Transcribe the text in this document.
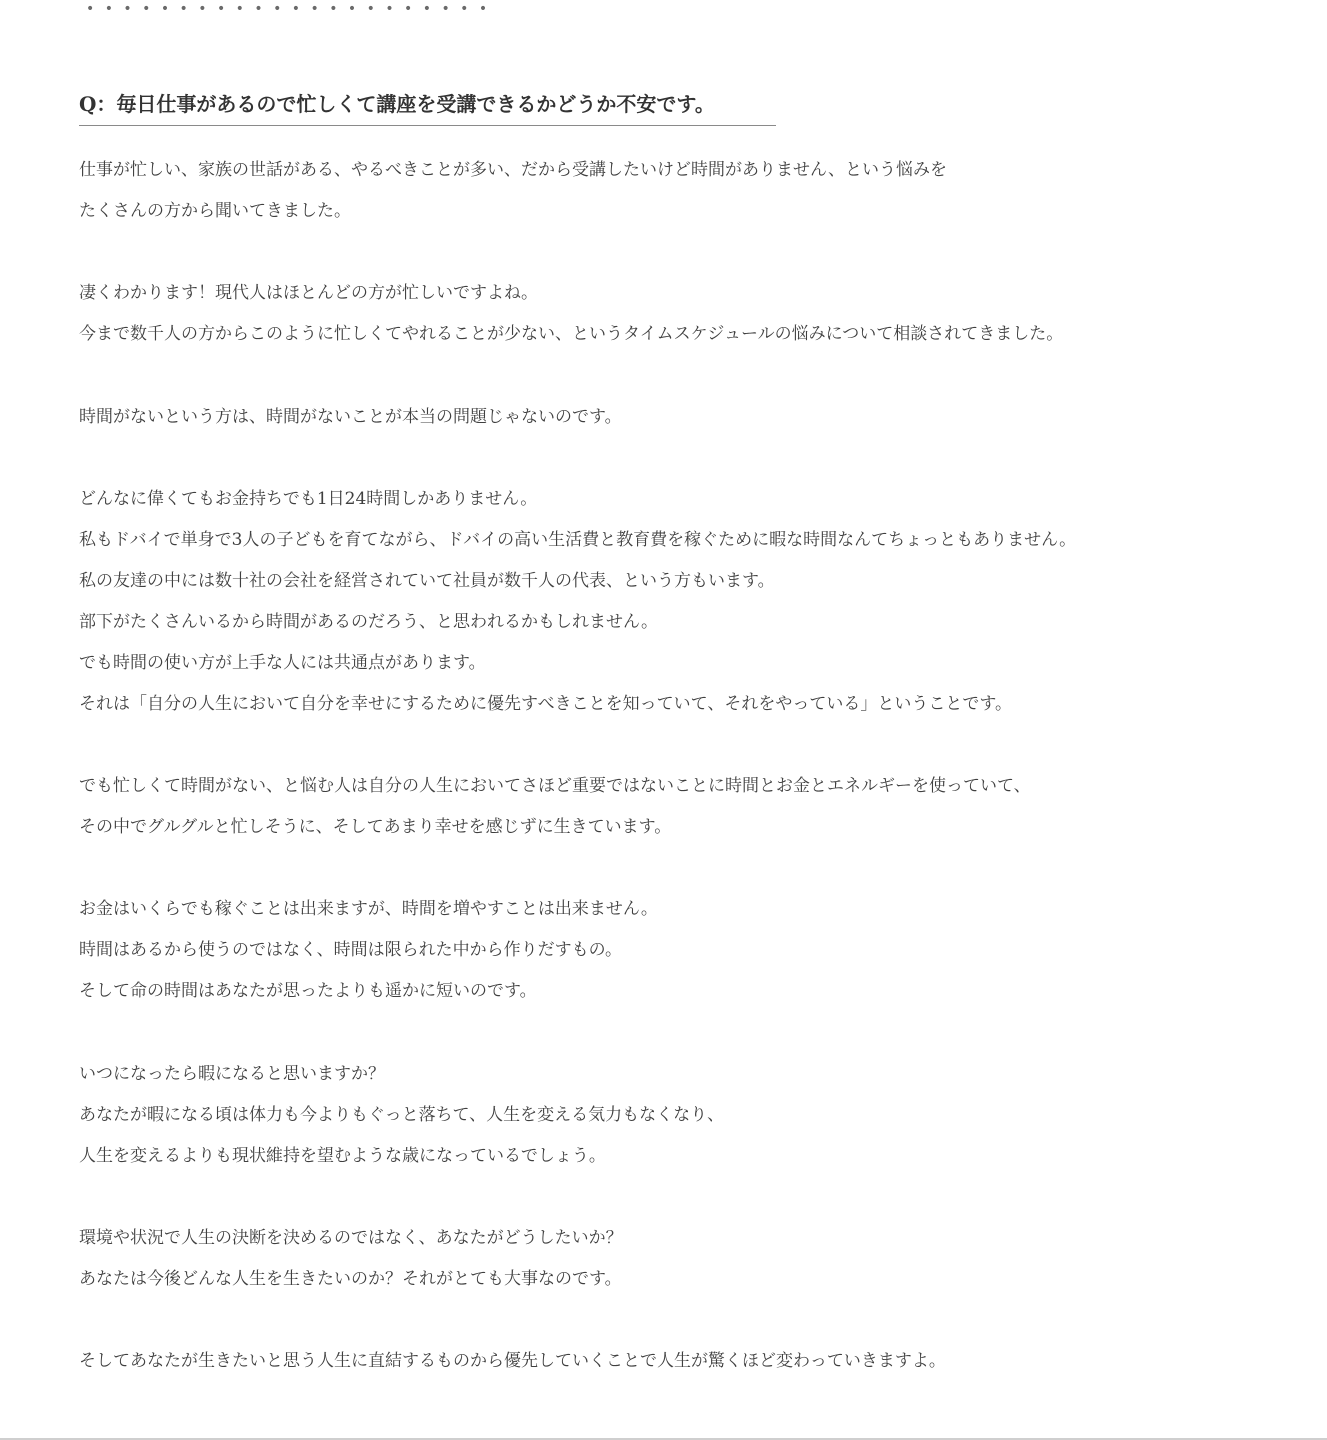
• • • • • • • • • • • • • • • • • • • • • •
Q：毎日仕事があるので忙しくて講座を受講できるかどうか不安です。
仕事が忙しい、家族の世話がある、やるべきことが多い、だから受講したいけど時間がありません、という悩みを
たくさんの方から聞いてきました。
凄くわかります！現代人はほとんどの方が忙しいですよね。
今まで数千人の方からこのように忙しくてやれることが少ない、というタイムスケジュールの悩みについて相談されてきました。
時間がないという方は、時間がないことが本当の問題じゃないのです。
どんなに偉くてもお金持ちでも1日24時間しかありません。
私もドバイで単身で3人の子どもを育てながら、ドバイの高い生活費と教育費を稼ぐために暇な時間なんてちょっともありません。
私の友達の中には数十社の会社を経営されていて社員が数千人の代表、という方もいます。
部下がたくさんいるから時間があるのだろう、と思われるかもしれません。
でも時間の使い方が上手な人には共通点があります。
それは「自分の人生において自分を幸せにするために優先すべきことを知っていて、それをやっている」ということです。
でも忙しくて時間がない、と悩む人は自分の人生においてさほど重要ではないことに時間とお金とエネルギーを使っていて、
その中でグルグルと忙しそうに、そしてあまり幸せを感じずに生きています。
お金はいくらでも稼ぐことは出来ますが、時間を増やすことは出来ません。
時間はあるから使うのではなく、時間は限られた中から作りだすもの。
そして命の時間はあなたが思ったよりも遥かに短いのです。
いつになったら暇になると思いますか？
あなたが暇になる頃は体力も今よりもぐっと落ちて、人生を変える気力もなくなり、
人生を変えるよりも現状維持を望むような歳になっているでしょう。
環境や状況で人生の決断を決めるのではなく、あなたがどうしたいか？
あなたは今後どんな人生を生きたいのか？それがとても大事なのです。
そしてあなたが生きたいと思う人生に直結するものから優先していくことで人生が驚くほど変わっていきますよ。
